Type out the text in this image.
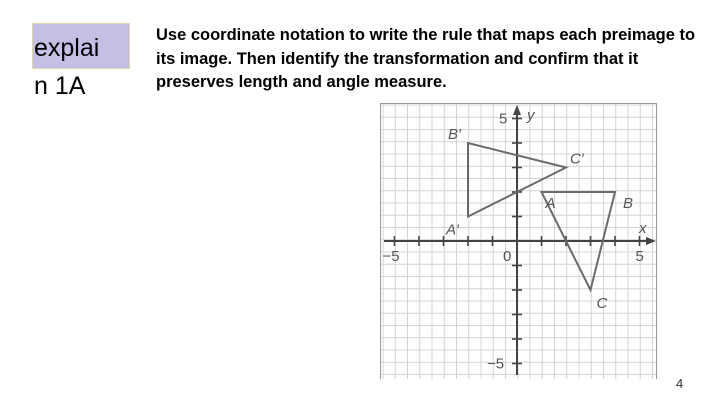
explai
n 1A

Use coordinate notation to write the rule that maps each preimage to its image. Then identify the transformation and confirm that it preserves length and angle measure.

A	B
C
A′
B′
C′
−5	5
0
5
−5
y
x
4
